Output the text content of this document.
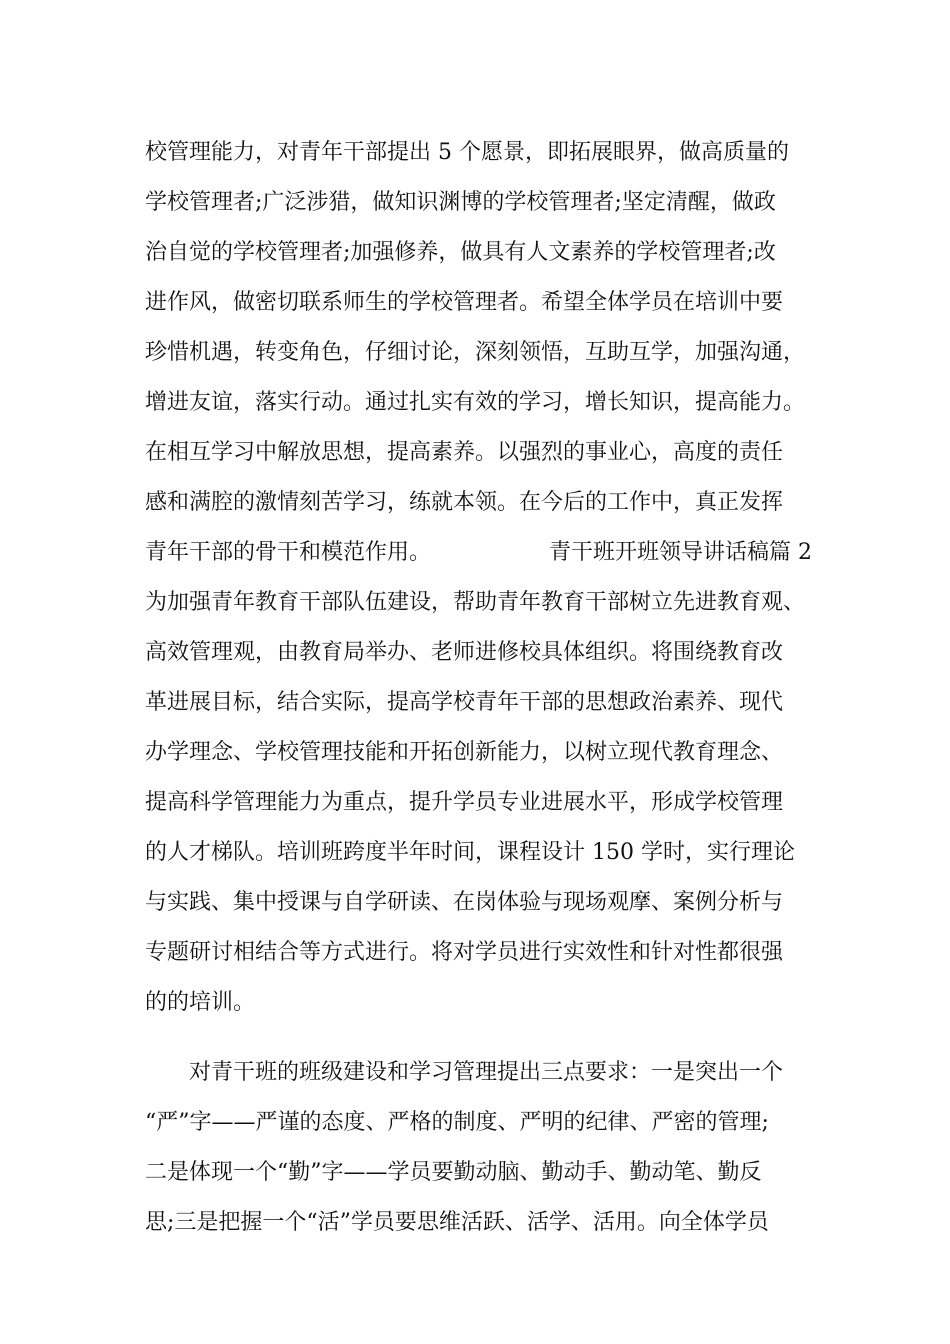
校管理能力，对青年干部提出 5 个愿景，即拓展眼界，做高质量的
学校管理者;广泛涉猎，做知识渊博的学校管理者;坚定清醒，做政
治自觉的学校管理者;加强修养，做具有人文素养的学校管理者;改
进作风，做密切联系师生的学校管理者。希望全体学员在培训中要
珍惜机遇，转变角色，仔细讨论，深刻领悟，互助互学，加强沟通，
增进友谊，落实行动。通过扎实有效的学习，增长知识，提高能力。
在相互学习中解放思想，提高素养。以强烈的事业心，高度的责任
感和满腔的激情刻苦学习，练就本领。在今后的工作中，真正发挥
青年干部的骨干和模范作用。	青干班开班领导讲话稿篇 2
为加强青年教育干部队伍建设，帮助青年教育干部树立先进教育观、
高效管理观，由教育局举办、老师进修校具体组织。将围绕教育改
革进展目标，结合实际，提高学校青年干部的思想政治素养、现代
办学理念、学校管理技能和开拓创新能力，以树立现代教育理念、
提高科学管理能力为重点，提升学员专业进展水平，形成学校管理
的人才梯队。培训班跨度半年时间，课程设计 150 学时，实行理论
与实践、集中授课与自学研读、在岗体验与现场观摩、案例分析与
专题研讨相结合等方式进行。将对学员进行实效性和针对性都很强
的的培训。
对青干班的班级建设和学习管理提出三点要求：一是突出一个
“严”字——严谨的态度、严格的制度、严明的纪律、严密的管理;
二是体现一个“勤”字——学员要勤动脑、勤动手、勤动笔、勤反
思;三是把握一个“活”学员要思维活跃、活学、活用。向全体学员
